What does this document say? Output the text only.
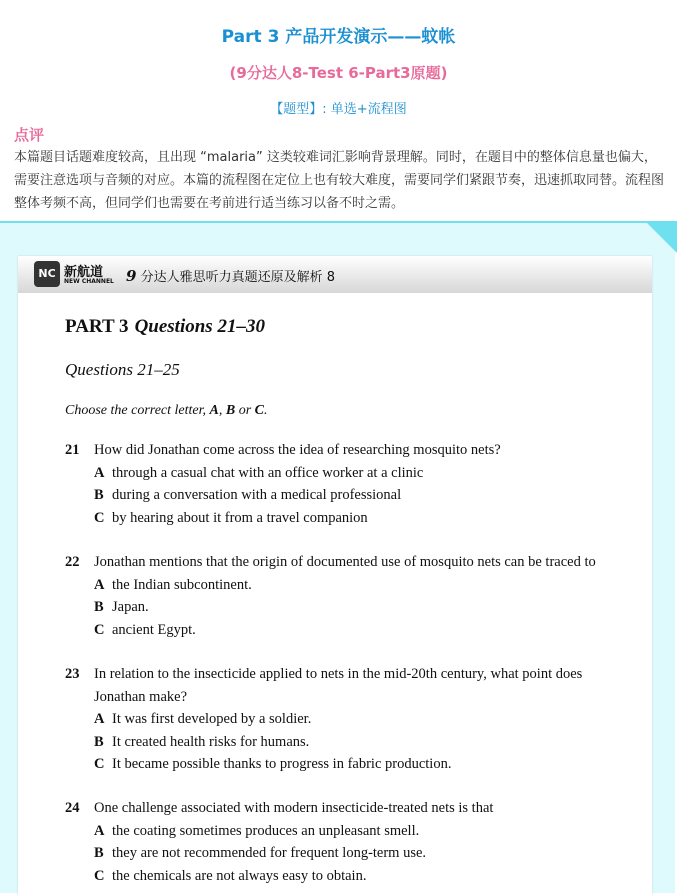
Part 3 产品开发演示——蚊帐
(9分达人8-Test 6-Part3原题)
【题型】: 单选+流程图
点评
本篇题目话题难度较高，且出现 “malaria” 这类较难词汇影响背景理解。同时，在题目中的整体信息量也偏大，需要注意选项与音频的对应。本篇的流程图在定位上也有较大难度，需要同学们紧跟节奏，迅速抓取同替。流程图整体考频不高，但同学们也需要在考前进行适当练习以备不时之需。
NC 新航道
NEW CHANNEL 9 分达人雅思听力真题还原及解析 8
PART 3 Questions 21–30
Questions 21–25
Choose the correct letter, A, B or C.
21 How did Jonathan come across the idea of researching mosquito nets?
A through a casual chat with an office worker at a clinic
B during a conversation with a medical professional
C by hearing about it from a travel companion
22 Jonathan mentions that the origin of documented use of mosquito nets can be traced to
A the Indian subcontinent.
B Japan.
C ancient Egypt.
23 In relation to the insecticide applied to nets in the mid-20th century, what point does Jonathan make?
A It was first developed by a soldier.
B It created health risks for humans.
C It became possible thanks to progress in fabric production.
24 One challenge associated with modern insecticide-treated nets is that
A the coating sometimes produces an unpleasant smell.
B they are not recommended for frequent long-term use.
C the chemicals are not always easy to obtain.
